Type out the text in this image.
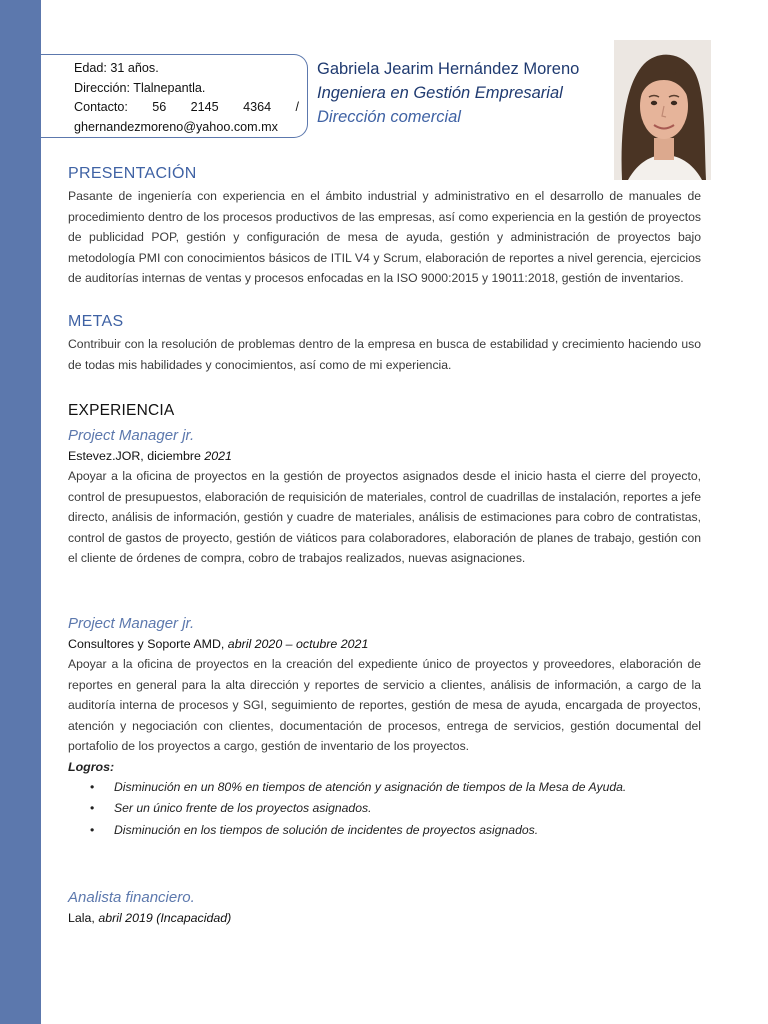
Edad: 31 años.
Dirección: Tlalnepantla.
Contacto: 56 2145 4364 /
ghernandezmoreno@yahoo.com.mx
Gabriela Jearim Hernández Moreno
Ingeniera en Gestión Empresarial
Dirección comercial
PRESENTACIÓN
Pasante de ingeniería con experiencia en el ámbito industrial y administrativo en el desarrollo de manuales de procedimiento dentro de los procesos productivos de las empresas, así como experiencia en la gestión de proyectos de publicidad POP, gestión y configuración de mesa de ayuda, gestión y administración de proyectos bajo metodología PMI con conocimientos básicos de ITIL V4 y Scrum, elaboración de reportes a nivel gerencia, ejercicios de auditorías internas de ventas y procesos enfocadas en la ISO 9000:2015 y 19011:2018, gestión de inventarios.
METAS
Contribuir con la resolución de problemas dentro de la empresa en busca de estabilidad y crecimiento haciendo uso de todas mis habilidades y conocimientos, así como de mi experiencia.
EXPERIENCIA
Project Manager jr.
Estevez.JOR, diciembre 2021
Apoyar a la oficina de proyectos en la gestión de proyectos asignados desde el inicio hasta el cierre del proyecto, control de presupuestos, elaboración de requisición de materiales, control de cuadrillas de instalación, reportes a jefe directo, análisis de información, gestión y cuadre de materiales, análisis de estimaciones para cobro de contratistas, control de gastos de proyecto, gestión de viáticos para colaboradores, elaboración de planes de trabajo, gestión con el cliente de órdenes de compra, cobro de trabajos realizados, nuevas asignaciones.
Project Manager jr.
Consultores y Soporte AMD, abril 2020 – octubre 2021
Apoyar a la oficina de proyectos en la creación del expediente único de proyectos y proveedores, elaboración de reportes en general para la alta dirección y reportes de servicio a clientes, análisis de información, a cargo de la auditoría interna de procesos y SGI, seguimiento de reportes, gestión de mesa de ayuda, encargada de proyectos, atención y negociación con clientes, documentación de procesos, entrega de servicios, gestión documental del portafolio de los proyectos a cargo, gestión de inventario de los proyectos.
Logros:
• Disminución en un 80% en tiempos de atención y asignación de tiempos de la Mesa de Ayuda.
• Ser un único frente de los proyectos asignados.
• Disminución en los tiempos de solución de incidentes de proyectos asignados.
Analista financiero.
Lala, abril 2019 (Incapacidad)
